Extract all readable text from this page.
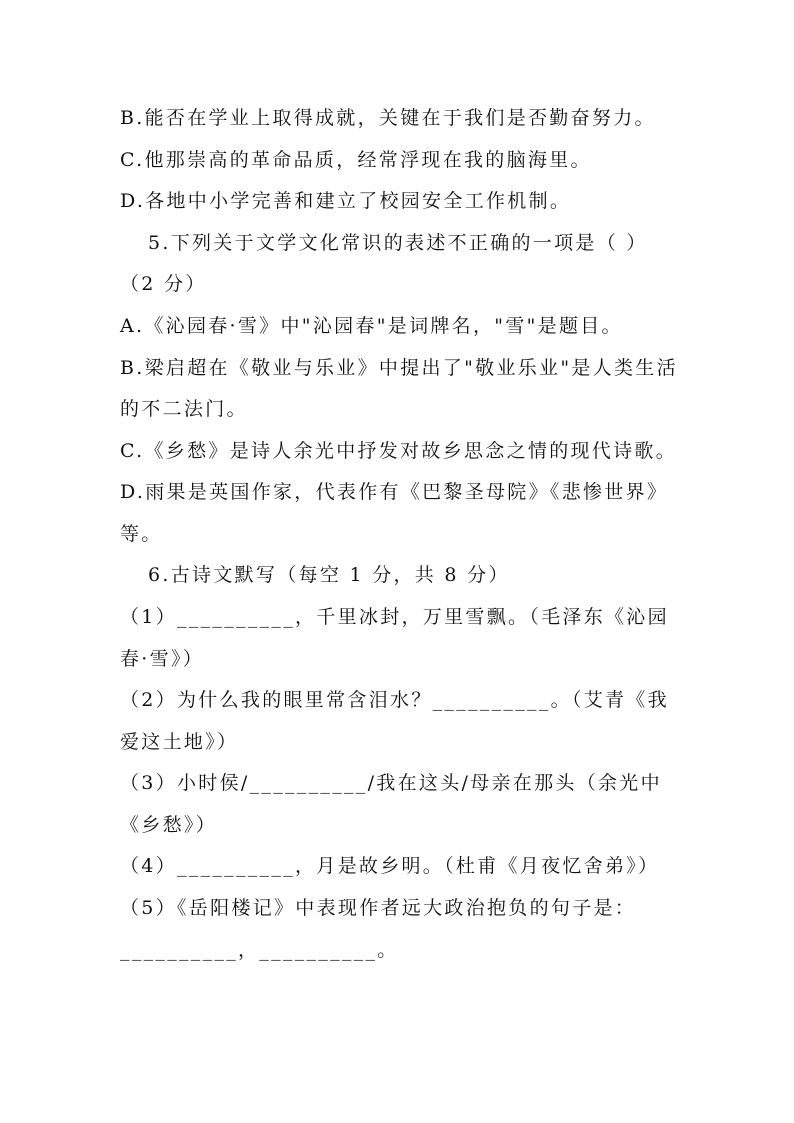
B.能否在学业上取得成就，关键在于我们是否勤奋努力。
C.他那崇高的革命品质，经常浮现在我的脑海里。
D.各地中小学完善和建立了校园安全工作机制。
5.下列关于文学文化常识的表述不正确的一项是（ ）
（2 分）
A.《沁园春·雪》中"沁园春"是词牌名，"雪"是题目。
B.梁启超在《敬业与乐业》中提出了"敬业乐业"是人类生活
的不二法门。
C.《乡愁》是诗人余光中抒发对故乡思念之情的现代诗歌。
D.雨果是英国作家，代表作有《巴黎圣母院》《悲惨世界》
等。
6.古诗文默写（每空 1 分，共 8 分）
（1）__________，千里冰封，万里雪飘。（毛泽东《沁园
春·雪》）
（2）为什么我的眼里常含泪水？__________。（艾青《我
爱这土地》）
（3）小时侯/__________/我在这头/母亲在那头（余光中
《乡愁》）
（4）__________，月是故乡明。（杜甫《月夜忆舍弟》）
（5）《岳阳楼记》中表现作者远大政治抱负的句子是：
__________，__________。
